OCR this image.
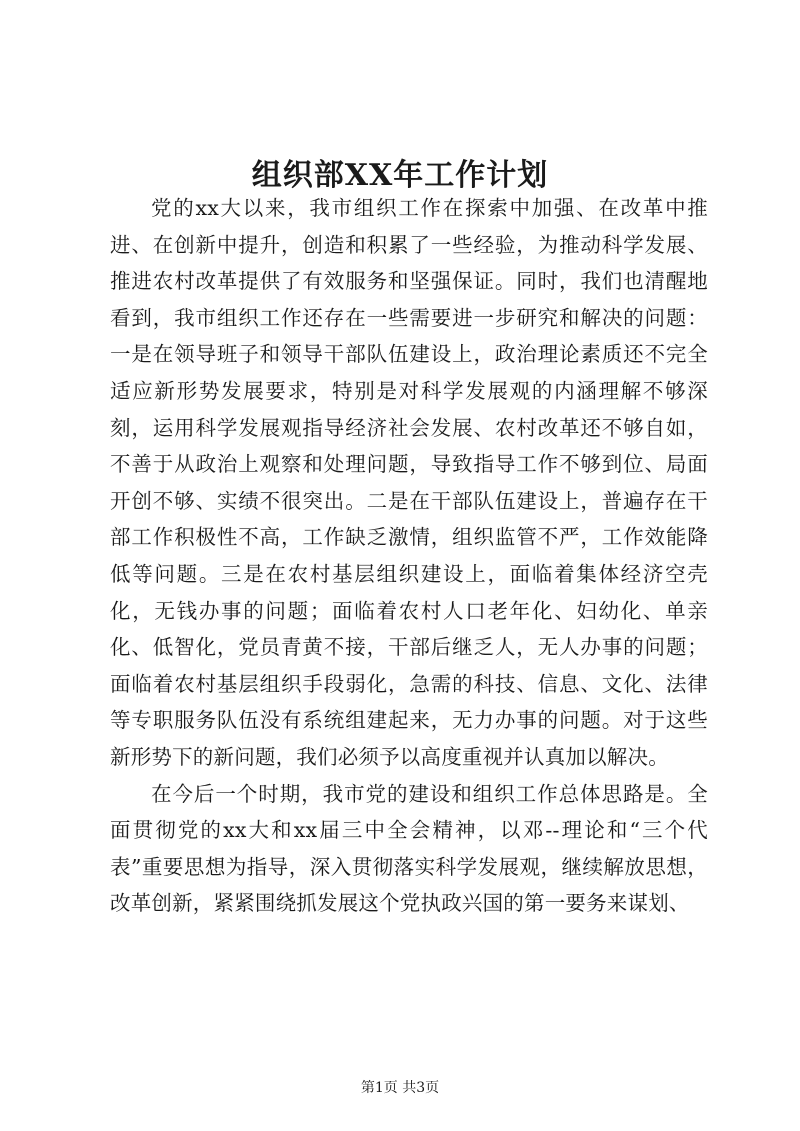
组织部XX年工作计划

党的xx大以来，我市组织工作在探索中加强、在改革中推进、在创新中提升，创造和积累了一些经验，为推动科学发展、推进农村改革提供了有效服务和坚强保证。同时，我们也清醒地看到，我市组织工作还存在一些需要进一步研究和解决的问题：一是在领导班子和领导干部队伍建设上，政治理论素质还不完全适应新形势发展要求，特别是对科学发展观的内涵理解不够深刻，运用科学发展观指导经济社会发展、农村改革还不够自如，不善于从政治上观察和处理问题，导致指导工作不够到位、局面开创不够、实绩不很突出。二是在干部队伍建设上，普遍存在干部工作积极性不高，工作缺乏激情，组织监管不严，工作效能降低等问题。三是在农村基层组织建设上，面临着集体经济空壳化，无钱办事的问题；面临着农村人口老年化、妇幼化、单亲化、低智化，党员青黄不接，干部后继乏人，无人办事的问题；面临着农村基层组织手段弱化，急需的科技、信息、文化、法律等专职服务队伍没有系统组建起来，无力办事的问题。对于这些新形势下的新问题，我们必须予以高度重视并认真加以解决。

在今后一个时期，我市党的建设和组织工作总体思路是。全面贯彻党的xx大和xx届三中全会精神，以邓--理论和“三个代表”重要思想为指导，深入贯彻落实科学发展观，继续解放思想，改革创新，紧紧围绕抓发展这个党执政兴国的第一要务来谋划、

第1页 共3页
